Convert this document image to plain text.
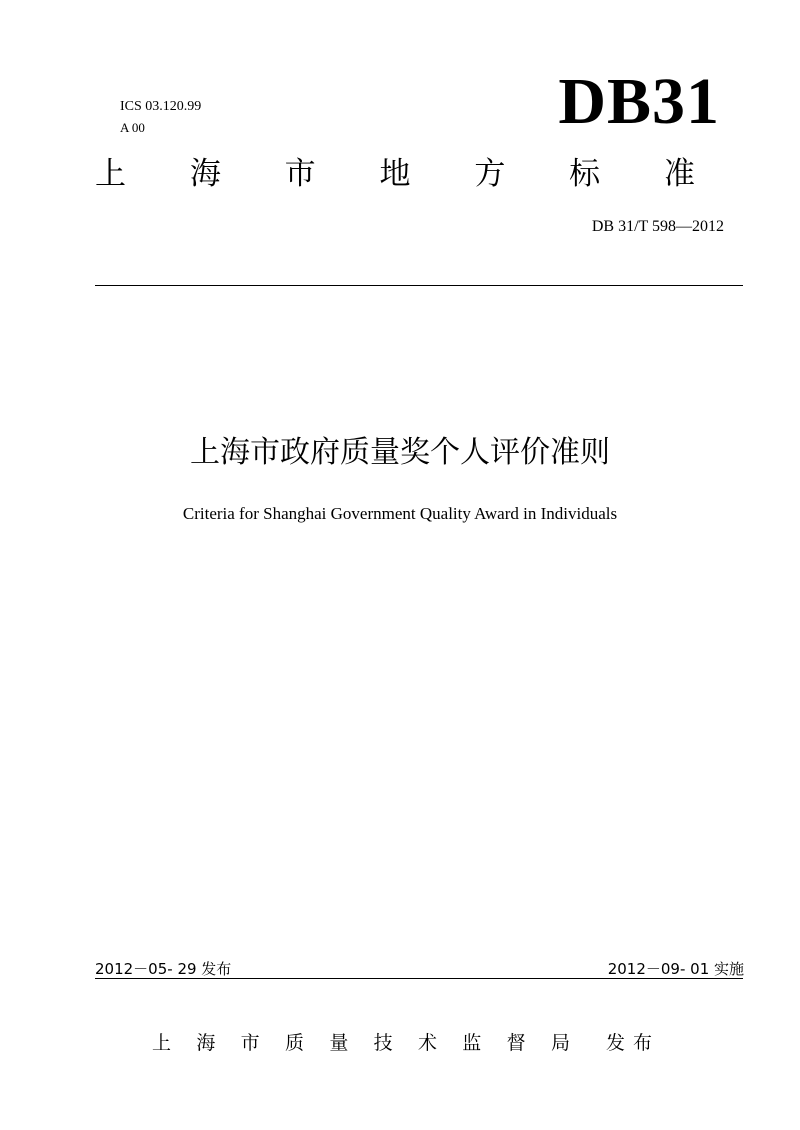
ICS 03.120.99
A 00	DB31
上 海 市 地 方 标 准
DB 31/T 598—2012
上海市政府质量奖个人评价准则
Criteria for Shanghai Government Quality Award in Individuals
2012－05- 29 发布	2012－09- 01 实施
上 海 市 质 量 技 术 监 督 局 发布
